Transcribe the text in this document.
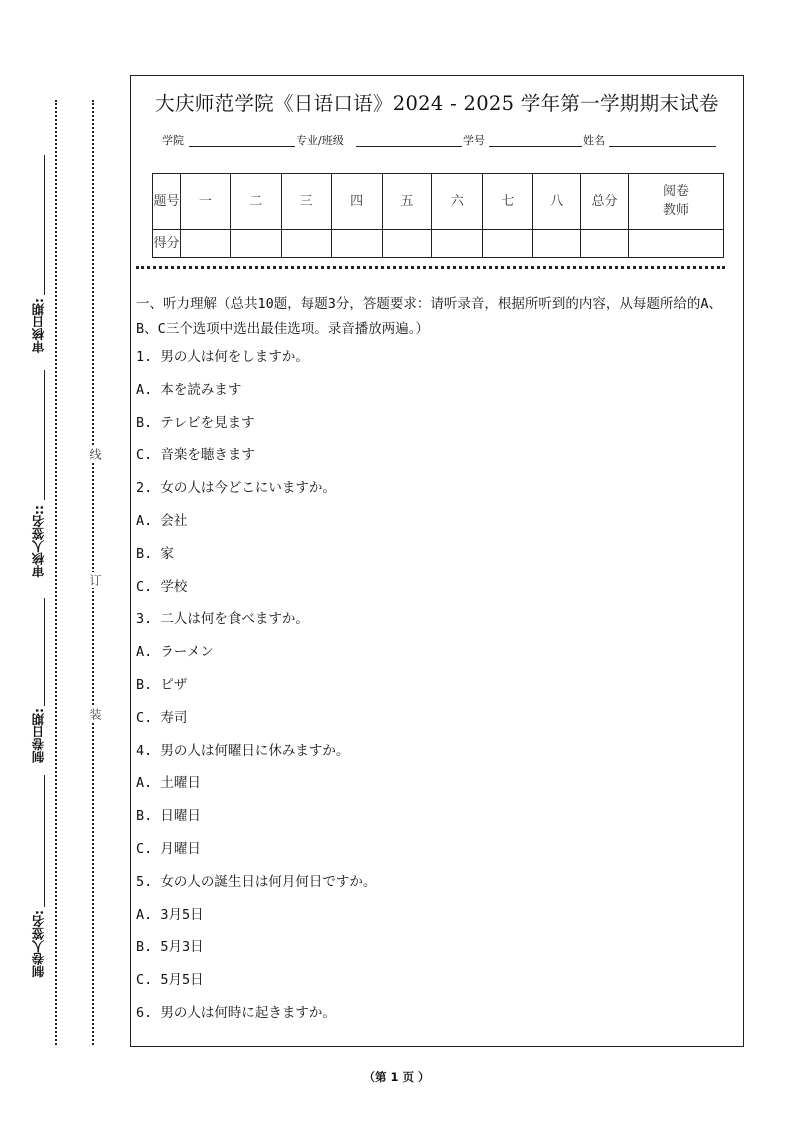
审核日期:
审核人签名::
制卷日期:
制卷人签名:
线
订
装
大庆师范学院《日语口语》2024 - 2025 学年第一学期期末试卷
学院	专业/班级	学号	姓名
题号	一	二	三	四	五	六	七	八	总分	阅卷教师
得分										
一、听力理解（总共10题，每题3分，答题要求：请听录音，根据所听到的内容，从每题所给的A、B、C三个选项中选出最佳选项。录音播放两遍。）
1. 男の人は何をしますか。
A. 本を読みます
B. テレビを見ます
C. 音楽を聴きます
2. 女の人は今どこにいますか。
A. 会社
B. 家
C. 学校
3. 二人は何を食べますか。
A. ラーメン
B. ピザ
C. 寿司
4. 男の人は何曜日に休みますか。
A. 土曜日
B. 日曜日
C. 月曜日
5. 女の人の誕生日は何月何日ですか。
A. 3月5日
B. 5月3日
C. 5月5日
6. 男の人は何時に起きますか。
（第 1 页 ）
